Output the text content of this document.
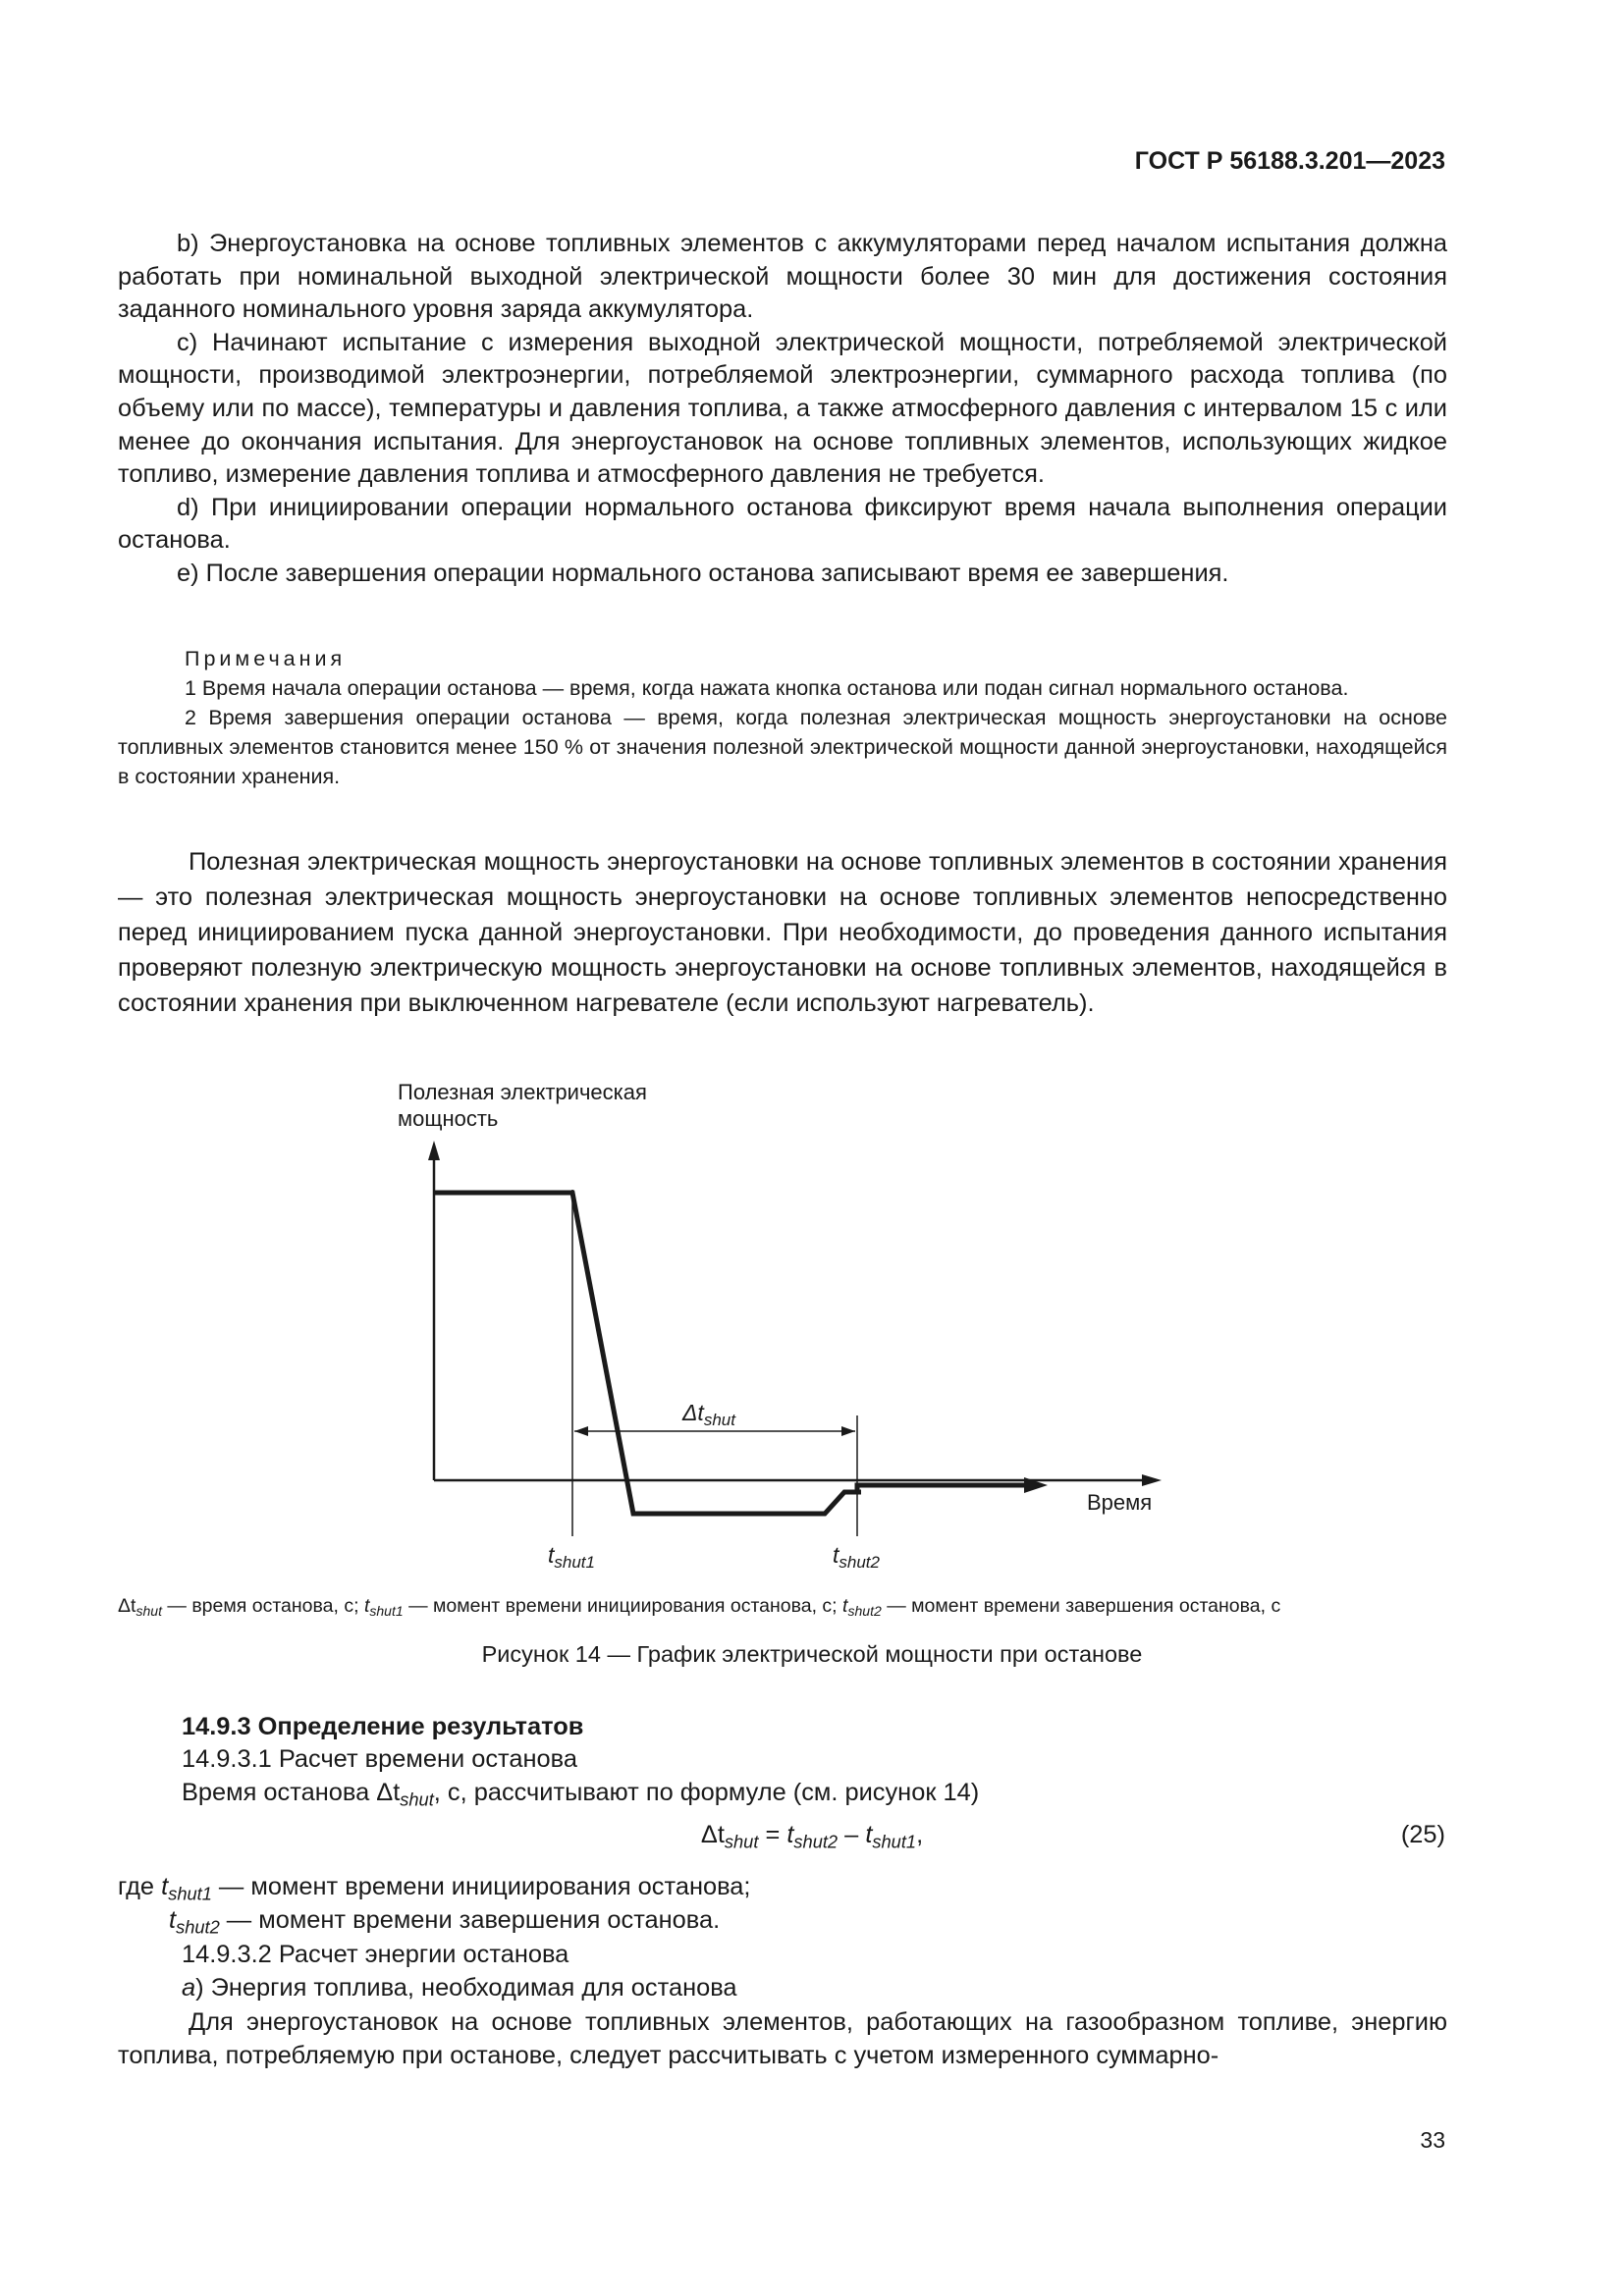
ГОСТ Р 56188.3.201—2023

b) Энергоустановка на основе топливных элементов с аккумуляторами перед началом испытания должна работать при номинальной выходной электрической мощности более 30 мин для достижения состояния заданного номинального уровня заряда аккумулятора.

c) Начинают испытание с измерения выходной электрической мощности, потребляемой электрической мощности, производимой электроэнергии, потребляемой электроэнергии, суммарного расхода топлива (по объему или по массе), температуры и давления топлива, а также атмосферного давления с интервалом 15 с или менее до окончания испытания. Для энергоустановок на основе топливных элементов, использующих жидкое топливо, измерение давления топлива и атмосферного давления не требуется.

d) При инициировании операции нормального останова фиксируют время начала выполнения операции останова.

e) После завершения операции нормального останова записывают время ее завершения.

Примечания

1 Время начала операции останова — время, когда нажата кнопка останова или подан сигнал нормального останова.

2 Время завершения операции останова — время, когда полезная электрическая мощность энергоустановки на основе топливных элементов становится менее 150 % от значения полезной электрической мощности данной энергоустановки, находящейся в состоянии хранения.

Полезная электрическая мощность энергоустановки на основе топливных элементов в состоянии хранения — это полезная электрическая мощность энергоустановки на основе топливных элементов непосредственно перед инициированием пуска данной энергоустановки. При необходимости, до проведения данного испытания проверяют полезную электрическую мощность энергоустановки на основе топливных элементов, находящейся в состоянии хранения при выключенном нагревателе (если используют нагреватель).

Полезная электрическая
мощность
Время
$\Delta t_{shut}$
$t_{shut1}$	$t_{shut2}$
$\Delta t_{shut}$ — время останова, с; $t_{shut1}$ — момент времени инициирования останова, с; $t_{shut2}$ — момент времени завершения останова, с
Рисунок 14 — График электрической мощности при останове
14.9.3 Определение результатов
14.9.3.1 Расчет времени останова
Время останова $\Delta t_{shut}$, с, рассчитывают по формуле (см. рисунок 14)
$\Delta t_{shut} = t_{shut2} - t_{shut1}$,	(25)
где $t_{shut1}$ — момент времени инициирования останова;
$t_{shut2}$ — момент времени завершения останова.
14.9.3.2 Расчет энергии останова
а) Энергия топлива, необходимая для останова

Для энергоустановок на основе топливных элементов, работающих на газообразном топливе, энергию топлива, потребляемую при останове, следует рассчитывать с учетом измеренного суммарно-

33
